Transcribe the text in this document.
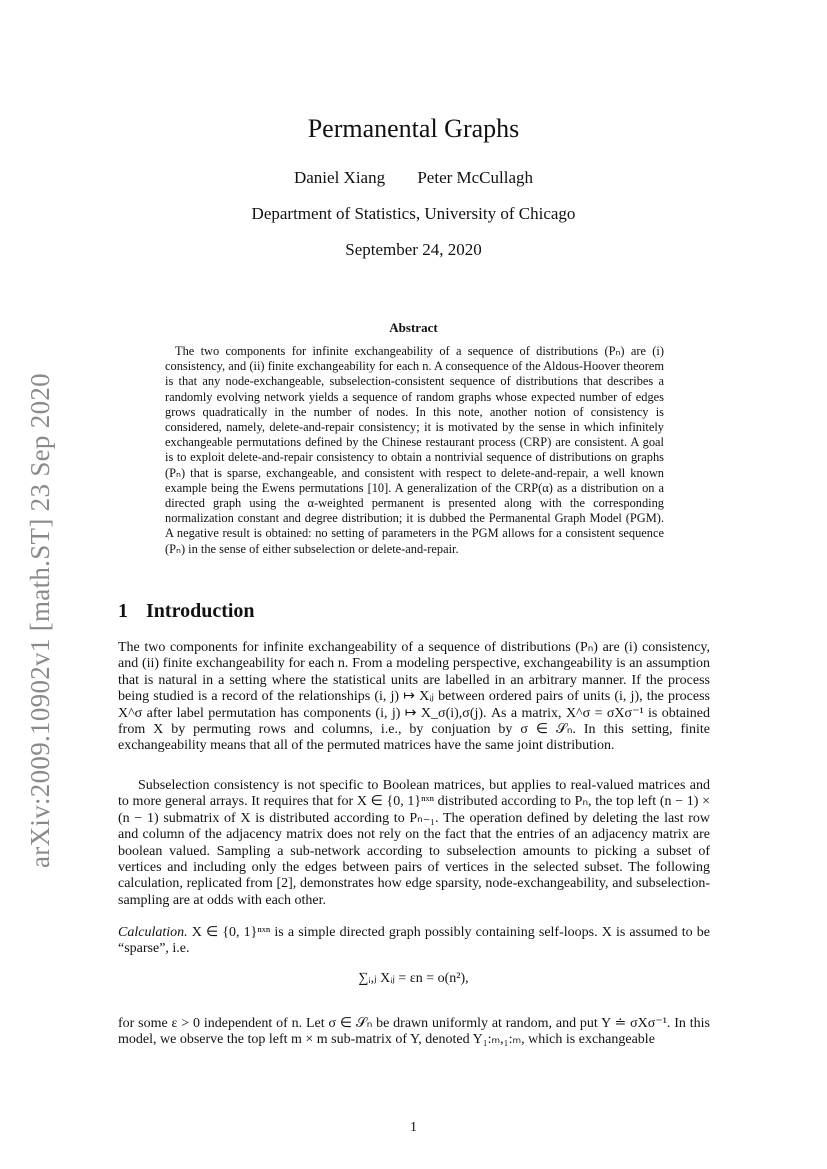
arXiv:2009.10902v1 [math.ST] 23 Sep 2020
Permanental Graphs
Daniel Xiang Peter McCullagh
Department of Statistics, University of Chicago
September 24, 2020
Abstract

The two components for infinite exchangeability of a sequence of distributions (Pₙ) are (i) consistency, and (ii) finite exchangeability for each n. A consequence of the Aldous-Hoover theorem is that any node-exchangeable, subselection-consistent sequence of distributions that describes a randomly evolving network yields a sequence of random graphs whose expected number of edges grows quadratically in the number of nodes. In this note, another notion of consistency is considered, namely, delete-and-repair consistency; it is motivated by the sense in which infinitely exchangeable permutations defined by the Chinese restaurant process (CRP) are consistent. A goal is to exploit delete-and-repair consistency to obtain a nontrivial sequence of distributions on graphs (Pₙ) that is sparse, exchangeable, and consistent with respect to delete-and-repair, a well known example being the Ewens permutations [10]. A generalization of the CRP(α) as a distribution on a directed graph using the α-weighted permanent is presented along with the corresponding normalization constant and degree distribution; it is dubbed the Permanental Graph Model (PGM). A negative result is obtained: no setting of parameters in the PGM allows for a consistent sequence (Pₙ) in the sense of either subselection or delete-and-repair.

1 Introduction

The two components for infinite exchangeability of a sequence of distributions (Pₙ) are (i) consistency, and (ii) finite exchangeability for each n. From a modeling perspective, exchangeability is an assumption that is natural in a setting where the statistical units are labelled in an arbitrary manner. If the process being studied is a record of the relationships (i, j) ↦ Xᵢⱼ between ordered pairs of units (i, j), the process X^σ after label permutation has components (i, j) ↦ X_σ(i),σ(j). As a matrix, X^σ = σXσ⁻¹ is obtained from X by permuting rows and columns, i.e., by conjuation by σ ∈ 𝒮ₙ. In this setting, finite exchangeability means that all of the permuted matrices have the same joint distribution.

Subselection consistency is not specific to Boolean matrices, but applies to real-valued matrices and to more general arrays. It requires that for X ∈ {0, 1}ⁿˣⁿ distributed according to Pₙ, the top left (n − 1) × (n − 1) submatrix of X is distributed according to Pₙ₋₁. The operation defined by deleting the last row and column of the adjacency matrix does not rely on the fact that the entries of an adjacency matrix are boolean valued. Sampling a sub-network according to subselection amounts to picking a subset of vertices and including only the edges between pairs of vertices in the selected subset. The following calculation, replicated from [2], demonstrates how edge sparsity, node-exchangeability, and subselection-sampling are at odds with each other.

Calculation. X ∈ {0, 1}ⁿˣⁿ is a simple directed graph possibly containing self-loops. X is assumed to be “sparse”, i.e.

∑ᵢ,ⱼ Xᵢⱼ = εn = o(n²),

for some ε > 0 independent of n. Let σ ∈ 𝒮ₙ be drawn uniformly at random, and put Y ≐ σXσ⁻¹. In this model, we observe the top left m × m sub-matrix of Y, denoted Y₁:ₘ,₁:ₘ, which is exchangeable

1
